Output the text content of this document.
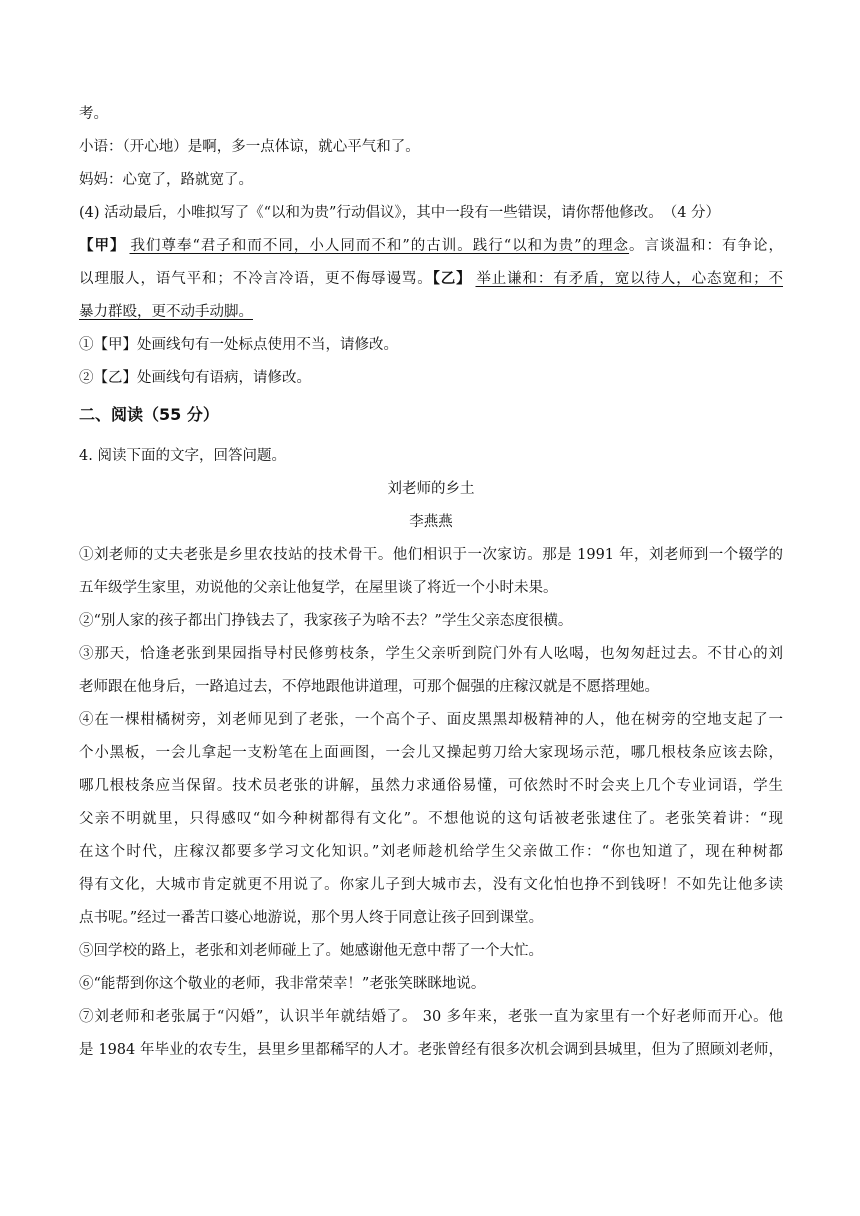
考。
小语：（开心地）是啊，多一点体谅，就心平气和了。
妈妈：心宽了，路就宽了。
(4) 活动最后，小唯拟写了《“以和为贵”行动倡议》，其中一段有一些错误，请你帮他修改。　（4 分）
【甲】 我们尊奉“君子和而不同，小人同而不和”的古训。践行“以和为贵”的理念。言谈温和：有争论，
以理服人，语气平和；不冷言冷语，更不侮辱谩骂。【乙】 举止谦和：有矛盾，宽以待人，心态宽和；不
暴力群殴，更不动手动脚。
①【甲】处画线句有一处标点使用不当，请修改。
②【乙】处画线句有语病，请修改。
二、阅读（55 分）
4. 阅读下面的文字，回答问题。
刘老师的乡土
李燕燕
①刘老师的丈夫老张是乡里农技站的技术骨干。他们相识于一次家访。那是 1991 年，刘老师到一个辍学的
五年级学生家里，劝说他的父亲让他复学，在屋里谈了将近一个小时未果。
②“别人家的孩子都出门挣钱去了，我家孩子为啥不去？”学生父亲态度很横。
③那天，恰逢老张到果园指导村民修剪枝条，学生父亲听到院门外有人吆喝，也匆匆赶过去。不甘心的刘
老师跟在他身后，一路追过去，不停地跟他讲道理，可那个倔强的庄稼汉就是不愿搭理她。
④在一棵柑橘树旁，刘老师见到了老张，一个高个子、面皮黑黑却极精神的人，他在树旁的空地支起了一
个小黑板，一会儿拿起一支粉笔在上面画图，一会儿又操起剪刀给大家现场示范，哪几根枝条应该去除，
哪几根枝条应当保留。技术员老张的讲解，虽然力求通俗易懂，可依然时不时会夹上几个专业词语，学生
父亲不明就里，只得感叹“如今种树都得有文化”。不想他说的这句话被老张逮住了。老张笑着讲：“现
在这个时代，庄稼汉都要多学习文化知识。”刘老师趁机给学生父亲做工作：“你也知道了，现在种树都
得有文化，大城市肯定就更不用说了。你家儿子到大城市去，没有文化怕也挣不到钱呀！不如先让他多读
点书呢。”经过一番苦口婆心地游说，那个男人终于同意让孩子回到课堂。
⑤回学校的路上，老张和刘老师碰上了。她感谢他无意中帮了一个大忙。
⑥“能帮到你这个敬业的老师，我非常荣幸！”老张笑眯眯地说。
⑦刘老师和老张属于“闪婚”，认识半年就结婚了。 30 多年来，老张一直为家里有一个好老师而开心。他
是 1984 年毕业的农专生，县里乡里都稀罕的人才。老张曾经有很多次机会调到县城里，但为了照顾刘老师，
